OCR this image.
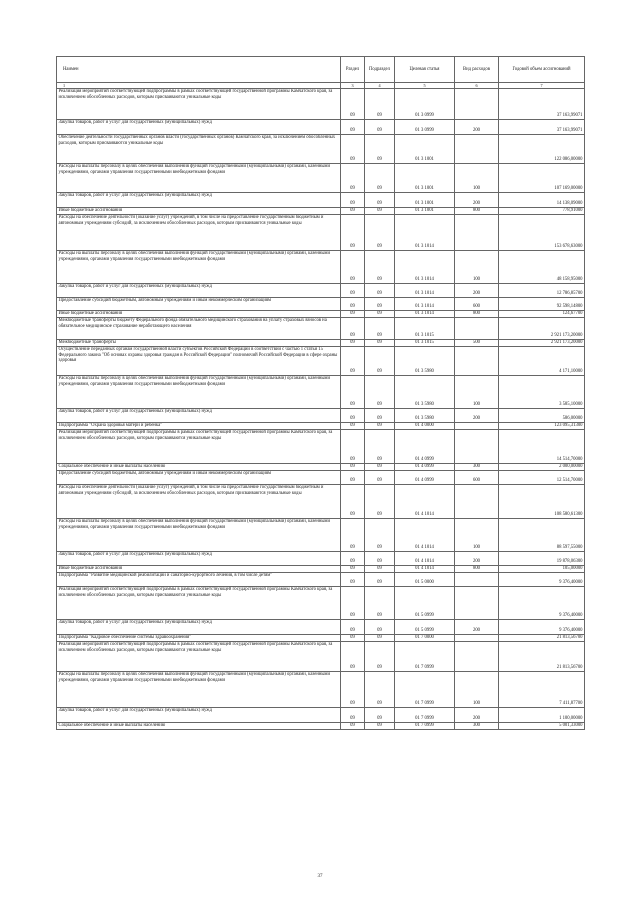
Наимен	Раздел	Подраздел	Целевая статья	Вид расходов	Годовой объем ассигнований
1	3	4	5	6	7
Реализация мероприятий соответствующей подпрограммы в рамках соответствующей государственной программы Камчатского края, за исключением обособленных расходов, которым присваиваются уникальные коды	09	09	01 3 0999		37 163,99071
Закупка товаров, работ и услуг для государственных (муниципальных) нужд	09	09	01 3 0999	200	37 163,99071
Обеспечение деятельности государственных органов власти (государственных органов) Камчатского края, за исключением обособленных расходов, которым присваиваются уникальные коды	09	09	01 3 1001		122 086,00000
Расходы на выплаты персоналу в целях обеспечения выполнения функций государственными (муниципальными) органами, казенными учреждениями, органами управления государственными внебюджетными фондами	09	09	01 3 1001	100	107 169,00000
Закупка товаров, работ и услуг для государственных (муниципальных) нужд	09	09	01 3 1001	200	14 138,09000
Иные бюджетные ассигнования	09	09	01 3 1001	800	778,91000
Расходы на обеспечение деятельности (оказание услуг) учреждений, в том числе на предоставление государственным бюджетным и автономным учреждениям субсидий, за исключением обособленных расходов, которым присваиваются уникальные коды	09	09	01 3 1014		153 678,63000
Расходы на выплаты персоналу в целях обеспечения выполнения функций государственными (муниципальными) органами, казенными учреждениями, органами управления государственными внебюджетными фондами	09	09	01 3 1014	100	48 158,95000
Закупка товаров, работ и услуг для государственных (муниципальных) нужд	09	09	01 3 1014	200	12 786,85700
Предоставление субсидий бюджетным, автономным учреждениям и иным некоммерческим организациям	09	09	01 3 1014	600	92 598,14800
Иные бюджетные ассигнования	09	09	01 3 1014	800	124,67700
Межбюджетные трансферты бюджету Федерального фонда обязательного медицинского страхования на уплату страховых взносов на обязательное медицинское страхование неработающего населения	09	09	01 3 1015		2 921 173,20000
Межбюджетные трансферты	09	09	01 3 1015	500	2 921 173,20000
Осуществление переданных органам государственной власти субъектов Российской Федерации в соответствии с частью 1 статьи 15 Федерального закона "Об основах охраны здоровья граждан в Российской Федерации" полномочий Российской Федерации в сфере охраны здоровья	09	09	01 3 5980		4 171,10000
Расходы на выплаты персоналу в целях обеспечения выполнения функций государственными (муниципальными) органами, казенными учреждениями, органами управления государственными внебюджетными фондами	09	09	01 3 5980	100	3 585,10000
Закупка товаров, работ и услуг для государственных (муниципальных) нужд	09	09	01 3 5980	200	586,00000
Подпрограмма "Охрана здоровья матери и ребенка"	09	09	01 4 0000		123 095,31300
Реализация мероприятий соответствующей подпрограммы в рамках соответствующей государственной программы Камчатского края, за исключением обособленных расходов, которым присваиваются уникальные коды	09	09	01 4 0999		14 514,70000
Социальное обеспечение и иные выплаты населению	09	09	01 4 0999	300	2 000,00000
Предоставление субсидий бюджетным, автономным учреждениям и иным некоммерческим организациям	09	09	01 4 0999	600	12 514,70000
Расходы на обеспечение деятельности (оказание услуг) учреждений, в том числе на предоставление государственным бюджетным и автономным учреждениям субсидий, за исключением обособленных расходов, которым присваиваются уникальные коды	09	09	01 4 1014		108 580,61300
Расходы на выплаты персоналу в целях обеспечения выполнения функций государственными (муниципальными) органами, казенными учреждениями, органами управления государственными внебюджетными фондами	09	09	01 4 1014	100	88 597,55000
Закупка товаров, работ и услуг для государственных (муниципальных) нужд	09	09	01 4 1014	200	19 878,06300
Иные бюджетные ассигнования	09	09	01 4 1014	800	105,00000
Подпрограмма "Развитие медицинской реабилитации и санаторно-курортного лечения, в том числе детям"	09	09	01 5 0000		9 376,40000
Реализация мероприятий соответствующей подпрограммы в рамках соответствующей государственной программы Камчатского края, за исключением обособленных расходов, которым присваиваются уникальные коды	09	09	01 5 0999		9 376,40000
Закупка товаров, работ и услуг для государственных (муниципальных) нужд	09	09	01 5 0999	200	9 376,40000
Подпрограмма "Кадровое обеспечение системы здравоохранения"	09	09	01 7 0000		21 813,56700
Реализация мероприятий соответствующей подпрограммы в рамках соответствующей государственной программы Камчатского края, за исключением обособленных расходов, которым присваиваются уникальные коды	09	09	01 7 0999		21 813,56700
Расходы на выплаты персоналу в целях обеспечения выполнения функций государственными (муниципальными) органами, казенными учреждениями, органами управления государственными внебюджетными фондами	09	09	01 7 0999	100	7 411,87700
Закупка товаров, работ и услуг для государственных (муниципальных) нужд	09	09	01 7 0999	200	1 100,00000
Социальное обеспечение и иные выплаты населению	09	09	01 7 0999	300	5 001,33000
37
